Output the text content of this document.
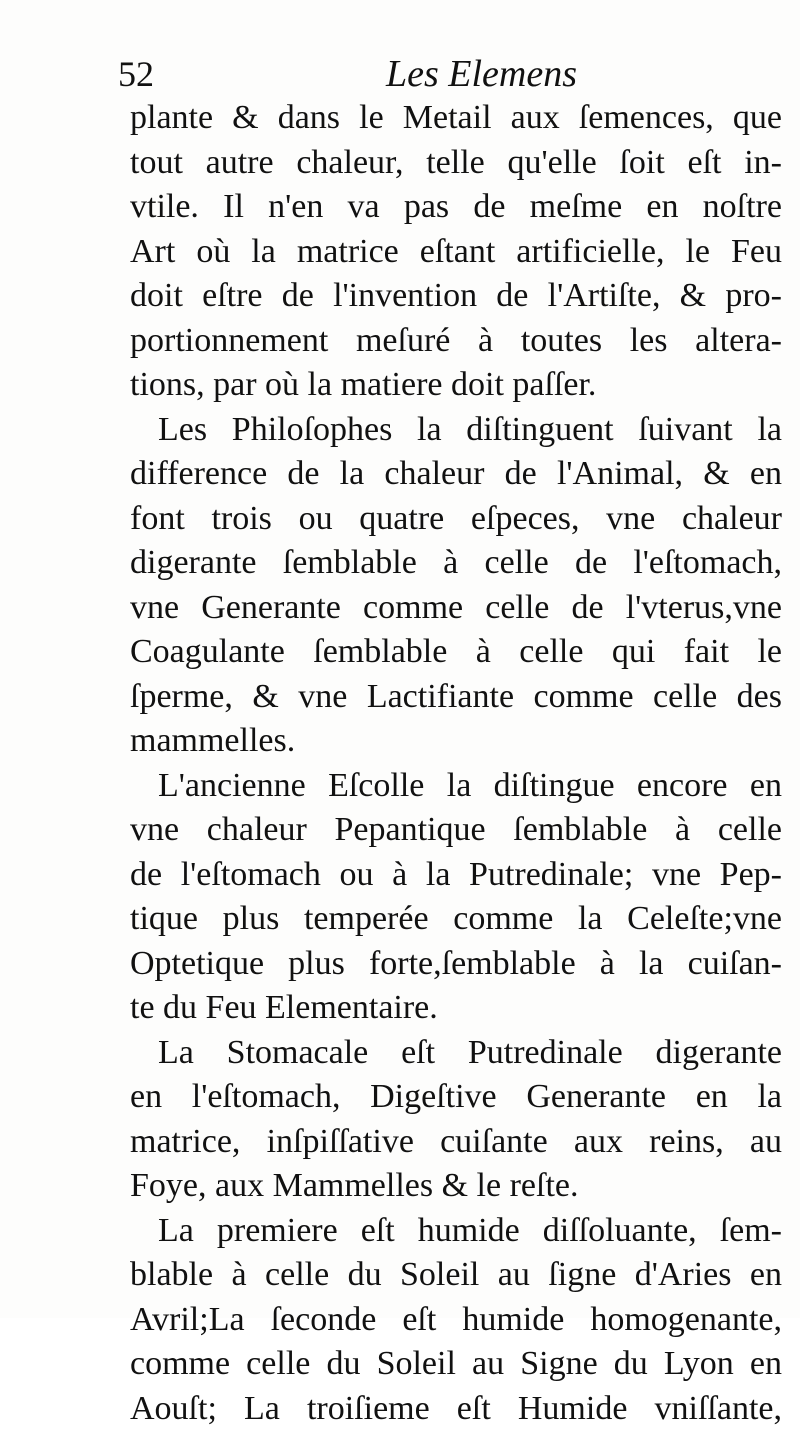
52	Les Elemens
plante & dans le Metail aux ſemences, que
tout autre chaleur, telle qu'elle ſoit eſt in-
vtile. Il n'en va pas de meſme en noſtre
Art où la matrice eſtant artificielle, le Feu
doit eſtre de l'invention de l'Artiſte, & pro-
portionnement meſuré à toutes les altera-
tions, par où la matiere doit paſſer.
Les Philoſophes la diſtinguent ſuivant la
difference de la chaleur de l'Animal, & en
font trois ou quatre eſpeces, vne chaleur
digerante ſemblable à celle de l'eſtomach,
vne Generante comme celle de l'vterus,vne
Coagulante ſemblable à celle qui fait le
ſperme, & vne Lactifiante comme celle des
mammelles.
L'ancienne Eſcolle la diſtingue encore en
vne chaleur Pepantique ſemblable à celle
de l'eſtomach ou à la Putredinale; vne Pep-
tique plus temperée comme la Celeſte;vne
Optetique plus forte,ſemblable à la cuiſan-
te du Feu Elementaire.
La Stomacale eſt Putredinale digerante
en l'eſtomach, Digeſtive Generante en la
matrice, inſpiſſative cuiſante aux reins, au
Foye, aux Mammelles & le reſte.
La premiere eſt humide diſſoluante, ſem-
blable à celle du Soleil au ſigne d'Aries en
Avril;La ſeconde eſt humide homogenante,
comme celle du Soleil au Signe du Lyon en
Aouſt; La troiſieme eſt Humide vniſſante,
